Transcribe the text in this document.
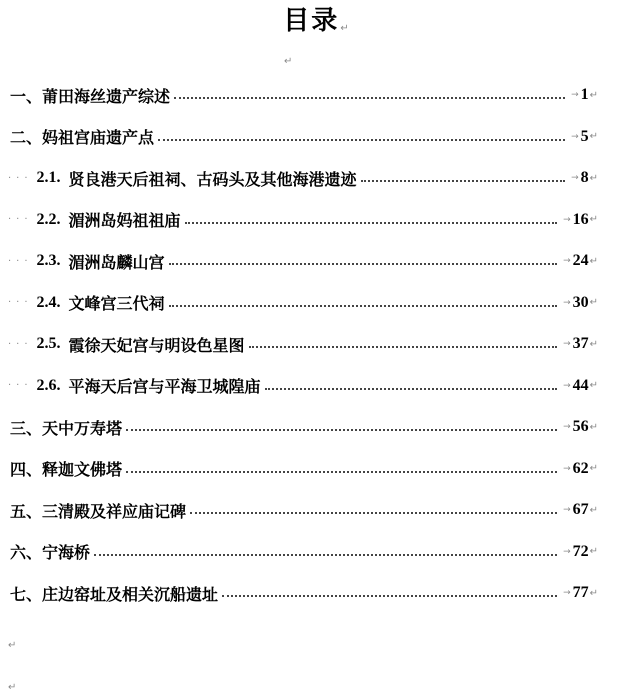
目录↵
↵
一、莆田海丝遗产综述	→ 1 ↵
二、妈祖宫庙遗产点	→ 5 ↵
··· 2.1. 贤良港天后祖祠、古码头及其他海港遗迹	→ 8 ↵
··· 2.2. 湄洲岛妈祖祖庙	→ 16 ↵
··· 2.3. 湄洲岛麟山宫	→ 24 ↵
··· 2.4. 文峰宫三代祠	→ 30 ↵
··· 2.5. 霞徐天妃宫与明设色星图	→ 37 ↵
··· 2.6. 平海天后宫与平海卫城隍庙	→ 44 ↵
三、天中万寿塔	→ 56 ↵
四、释迦文佛塔	→ 62 ↵
五、三清殿及祥应庙记碑	→ 67 ↵
六、宁海桥	→ 72 ↵
七、庄边窑址及相关沉船遗址	→ 77 ↵
↵
↵
